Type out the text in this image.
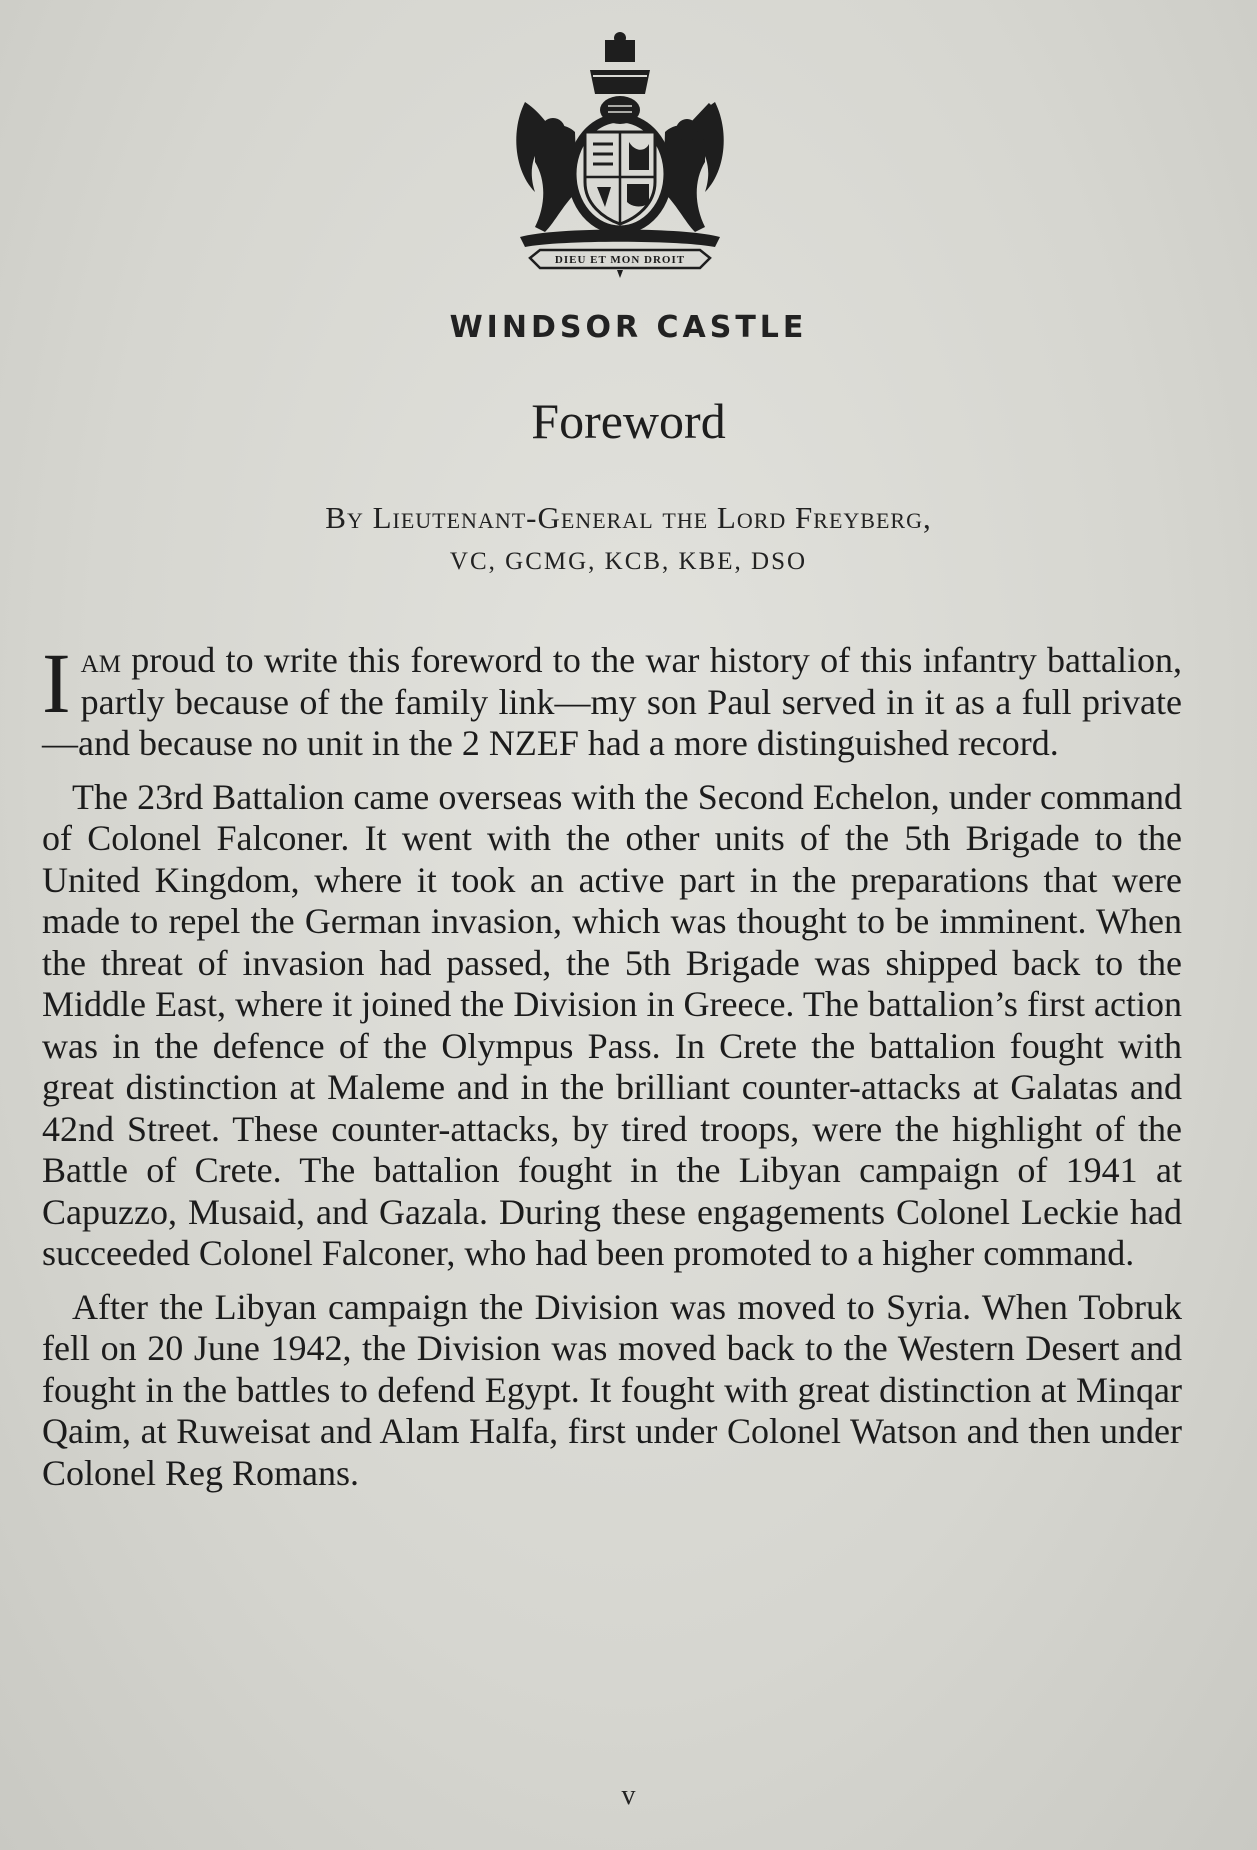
DIEU ET MON DROIT
WINDSOR CASTLE
Foreword
By Lieutenant-General the Lord Freyberg,
VC, GCMG, KCB, KBE, DSO

Iam proud to write this foreword to the war history of this infantry battalion, partly because of the family link—my son Paul served in it as a full private—and because no unit in the 2 NZEF had a more distinguished record.

The 23rd Battalion came overseas with the Second Echelon, under command of Colonel Falconer. It went with the other units of the 5th Brigade to the United Kingdom, where it took an active part in the preparations that were made to repel the German invasion, which was thought to be imminent. When the threat of invasion had passed, the 5th Brigade was shipped back to the Middle East, where it joined the Division in Greece. The battalion’s first action was in the defence of the Olympus Pass. In Crete the battalion fought with great distinction at Maleme and in the brilliant counter-attacks at Galatas and 42nd Street. These counter-attacks, by tired troops, were the highlight of the Battle of Crete. The battalion fought in the Libyan campaign of 1941 at Capuzzo, Musaid, and Gazala. During these engagements Colonel Leckie had succeeded Colonel Falconer, who had been promoted to a higher command.

After the Libyan campaign the Division was moved to Syria. When Tobruk fell on 20 June 1942, the Division was moved back to the Western Desert and fought in the battles to defend Egypt. It fought with great distinction at Minqar Qaim, at Ruweisat and Alam Halfa, first under Colonel Watson and then under Colonel Reg Romans.

v
